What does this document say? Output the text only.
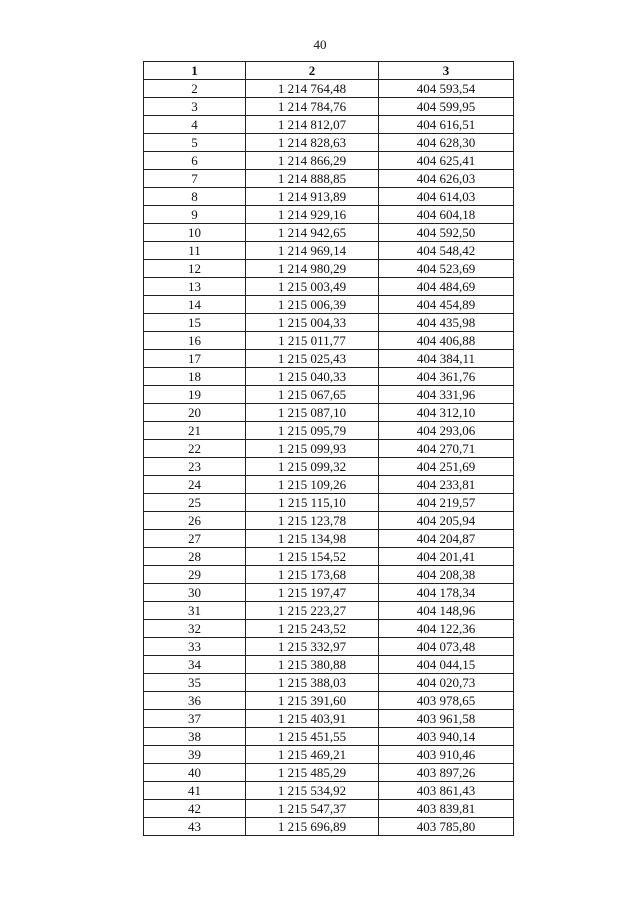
40
1	2	3
2	1 214 764,48	404 593,54
3	1 214 784,76	404 599,95
4	1 214 812,07	404 616,51
5	1 214 828,63	404 628,30
6	1 214 866,29	404 625,41
7	1 214 888,85	404 626,03
8	1 214 913,89	404 614,03
9	1 214 929,16	404 604,18
10	1 214 942,65	404 592,50
11	1 214 969,14	404 548,42
12	1 214 980,29	404 523,69
13	1 215 003,49	404 484,69
14	1 215 006,39	404 454,89
15	1 215 004,33	404 435,98
16	1 215 011,77	404 406,88
17	1 215 025,43	404 384,11
18	1 215 040,33	404 361,76
19	1 215 067,65	404 331,96
20	1 215 087,10	404 312,10
21	1 215 095,79	404 293,06
22	1 215 099,93	404 270,71
23	1 215 099,32	404 251,69
24	1 215 109,26	404 233,81
25	1 215 115,10	404 219,57
26	1 215 123,78	404 205,94
27	1 215 134,98	404 204,87
28	1 215 154,52	404 201,41
29	1 215 173,68	404 208,38
30	1 215 197,47	404 178,34
31	1 215 223,27	404 148,96
32	1 215 243,52	404 122,36
33	1 215 332,97	404 073,48
34	1 215 380,88	404 044,15
35	1 215 388,03	404 020,73
36	1 215 391,60	403 978,65
37	1 215 403,91	403 961,58
38	1 215 451,55	403 940,14
39	1 215 469,21	403 910,46
40	1 215 485,29	403 897,26
41	1 215 534,92	403 861,43
42	1 215 547,37	403 839,81
43	1 215 696,89	403 785,80
